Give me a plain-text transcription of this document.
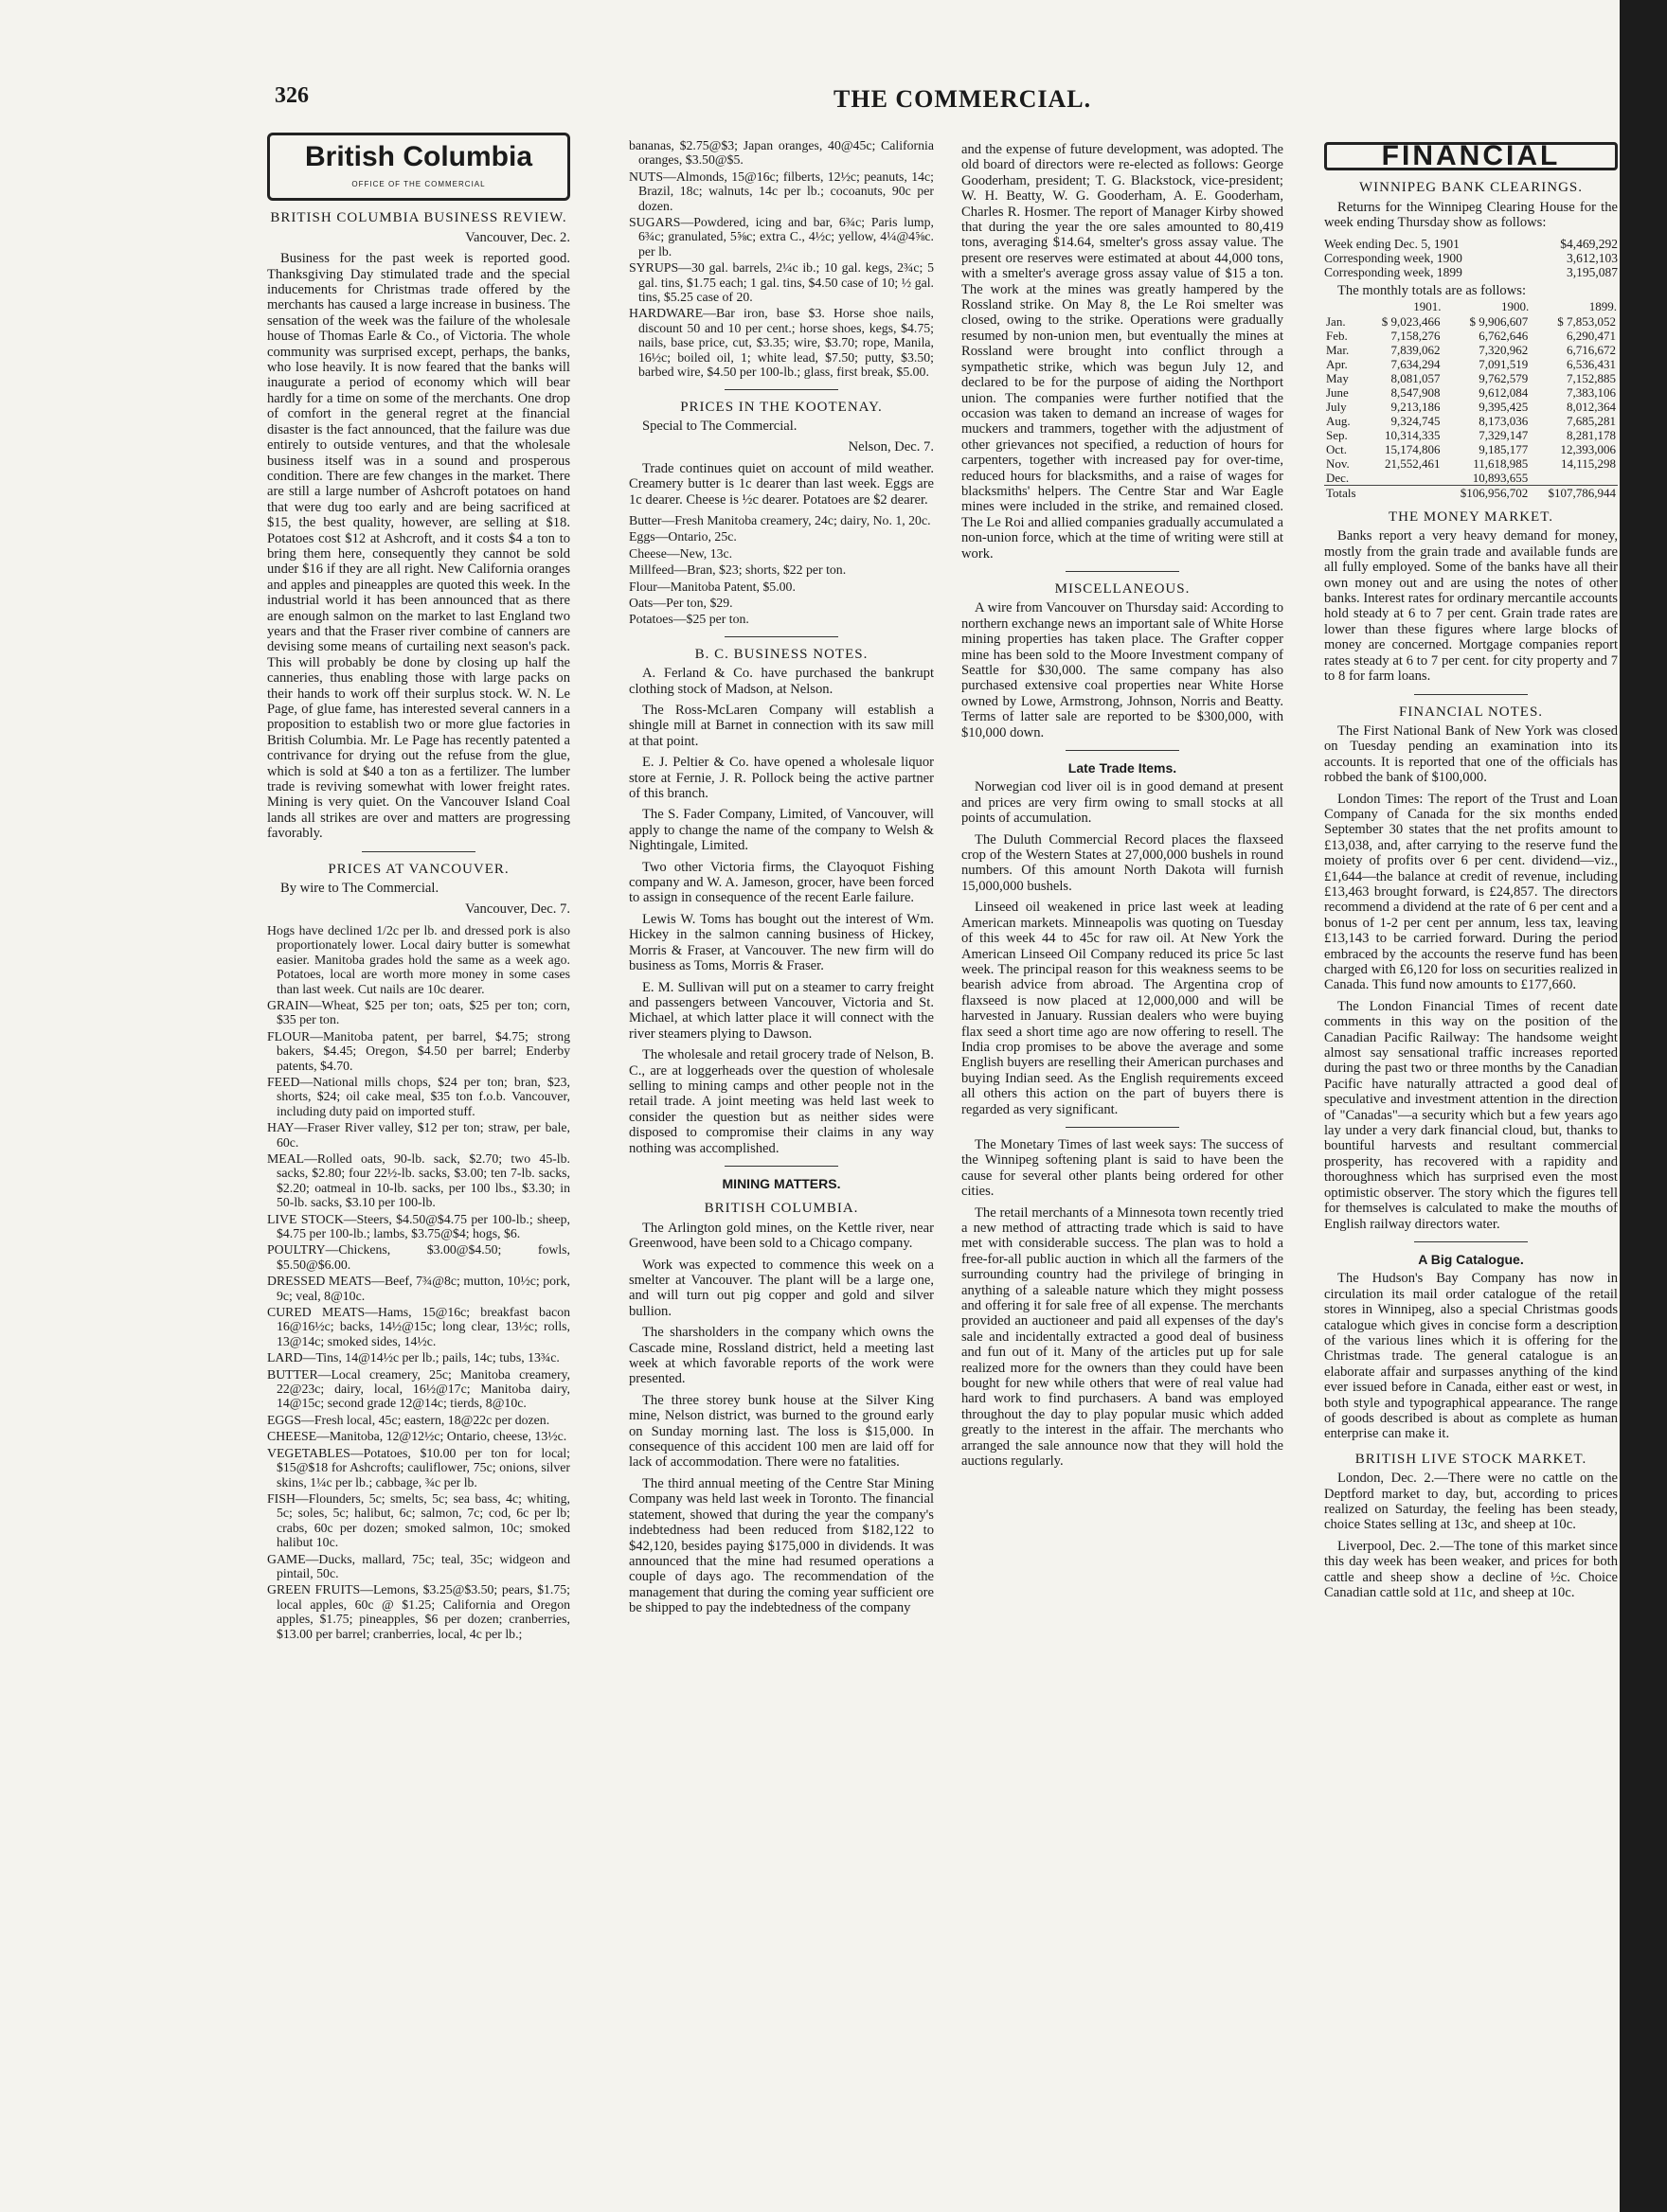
326	THE COMMERCIAL.
British Columbia
OFFICE OF THE COMMERCIAL
BRITISH COLUMBIA BUSINESS REVIEW.

Vancouver, Dec. 2.

Business for the past week is reported good. Thanksgiving Day stimulated trade and the special inducements for Christmas trade offered by the merchants has caused a large increase in business. The sensation of the week was the failure of the wholesale house of Thomas Earle & Co., of Victoria. The whole community was surprised except, perhaps, the banks, who lose heavily. It is now feared that the banks will inaugurate a period of economy which will bear hardly for a time on some of the merchants. One drop of comfort in the general regret at the financial disaster is the fact announced, that the failure was due entirely to outside ventures, and that the wholesale business itself was in a sound and prosperous condition. There are few changes in the market. There are still a large number of Ashcroft potatoes on hand that were dug too early and are being sacrificed at $15, the best quality, however, are selling at $18. Potatoes cost $12 at Ashcroft, and it costs $4 a ton to bring them here, consequently they cannot be sold under $16 if they are all right. New California oranges and apples and pineapples are quoted this week. In the industrial world it has been announced that as there are enough salmon on the market to last England two years and that the Fraser river combine of canners are devising some means of curtailing next season's pack. This will probably be done by closing up half the canneries, thus enabling those with large packs on their hands to work off their surplus stock. W. N. Le Page, of glue fame, has interested several canners in a proposition to establish two or more glue factories in British Columbia. Mr. Le Page has recently patented a contrivance for drying out the refuse from the glue, which is sold at $40 a ton as a fertilizer. The lumber trade is reviving somewhat with lower freight rates. Mining is very quiet. On the Vancouver Island Coal lands all strikes are over and matters are progressing favorably.

PRICES AT VANCOUVER.

By wire to The Commercial.

Vancouver, Dec. 7.

Hogs have declined 1/2c per lb. and dressed pork is also proportionately lower. Local dairy butter is somewhat easier. Manitoba grades hold the same as a week ago. Potatoes, local are worth more money in some cases than last week. Cut nails are 10c dearer.

GRAIN—Wheat, $25 per ton; oats, $25 per ton; corn, $35 per ton.

FLOUR—Manitoba patent, per barrel, $4.75; strong bakers, $4.45; Oregon, $4.50 per barrel; Enderby patents, $4.70.

FEED—National mills chops, $24 per ton; bran, $23, shorts, $24; oil cake meal, $35 ton f.o.b. Vancouver, including duty paid on imported stuff.

HAY—Fraser River valley, $12 per ton; straw, per bale, 60c.

MEAL—Rolled oats, 90-lb. sack, $2.70; two 45-lb. sacks, $2.80; four 22½-lb. sacks, $3.00; ten 7-lb. sacks, $2.20; oatmeal in 10-lb. sacks, per 100 lbs., $3.30; in 50-lb. sacks, $3.10 per 100-lb.

LIVE STOCK—Steers, $4.50@$4.75 per 100-lb.; sheep, $4.75 per 100-lb.; lambs, $3.75@$4; hogs, $6.

POULTRY—Chickens, $3.00@$4.50; fowls, $5.50@$6.00.

DRESSED MEATS—Beef, 7¾@8c; mutton, 10½c; pork, 9c; veal, 8@10c.

CURED MEATS—Hams, 15@16c; breakfast bacon 16@16½c; backs, 14½@15c; long clear, 13½c; rolls, 13@14c; smoked sides, 14½c.

LARD—Tins, 14@14½c per lb.; pails, 14c; tubs, 13¾c.

BUTTER—Local creamery, 25c; Manitoba creamery, 22@23c; dairy, local, 16½@17c; Manitoba dairy, 14@15c; second grade 12@14c; tierds, 8@10c.

EGGS—Fresh local, 45c; eastern, 18@22c per dozen.

CHEESE—Manitoba, 12@12½c; Ontario, cheese, 13½c.

VEGETABLES—Potatoes, $10.00 per ton for local; $15@$18 for Ashcrofts; cauliflower, 75c; onions, silver skins, 1¼c per lb.; cabbage, ¾c per lb.

FISH—Flounders, 5c; smelts, 5c; sea bass, 4c; whiting, 5c; soles, 5c; halibut, 6c; salmon, 7c; cod, 6c per lb; crabs, 60c per dozen; smoked salmon, 10c; smoked halibut 10c.

GAME—Ducks, mallard, 75c; teal, 35c; widgeon and pintail, 50c.

GREEN FRUITS—Lemons, $3.25@$3.50; pears, $1.75; local apples, 60c @ $1.25; California and Oregon apples, $1.75; pineapples, $6 per dozen; cranberries, $13.00 per barrel; cranberries, local, 4c per lb.;

bananas, $2.75@$3; Japan oranges, 40@45c; California oranges, $3.50@$5.

NUTS—Almonds, 15@16c; filberts, 12½c; peanuts, 14c; Brazil, 18c; walnuts, 14c per lb.; cocoanuts, 90c per dozen.

SUGARS—Powdered, icing and bar, 6¾c; Paris lump, 6¾c; granulated, 5⅝c; extra C., 4½c; yellow, 4¼@4⅝c. per lb.

SYRUPS—30 gal. barrels, 2¼c ib.; 10 gal. kegs, 2¾c; 5 gal. tins, $1.75 each; 1 gal. tins, $4.50 case of 10; ½ gal. tins, $5.25 case of 20.

HARDWARE—Bar iron, base $3. Horse shoe nails, discount 50 and 10 per cent.; horse shoes, kegs, $4.75; nails, base price, cut, $3.35; wire, $3.70; rope, Manila, 16½c; boiled oil, 1; white lead, $7.50; putty, $3.50; barbed wire, $4.50 per 100-lb.; glass, first break, $5.00.

PRICES IN THE KOOTENAY.

Special to The Commercial.

Nelson, Dec. 7.

Trade continues quiet on account of mild weather. Creamery butter is 1c dearer than last week. Eggs are 1c dearer. Cheese is ½c dearer. Potatoes are $2 dearer.

Butter—Fresh Manitoba creamery, 24c; dairy, No. 1, 20c.

Eggs—Ontario, 25c.

Cheese—New, 13c.

Millfeed—Bran, $23; shorts, $22 per ton.

Flour—Manitoba Patent, $5.00.

Oats—Per ton, $29.

Potatoes—$25 per ton.

B. C. BUSINESS NOTES.

A. Ferland & Co. have purchased the bankrupt clothing stock of Madson, at Nelson.

The Ross-McLaren Company will establish a shingle mill at Barnet in connection with its saw mill at that point.

E. J. Peltier & Co. have opened a wholesale liquor store at Fernie, J. R. Pollock being the active partner of this branch.

The S. Fader Company, Limited, of Vancouver, will apply to change the name of the company to Welsh & Nightingale, Limited.

Two other Victoria firms, the Clayoquot Fishing company and W. A. Jameson, grocer, have been forced to assign in consequence of the recent Earle failure.

Lewis W. Toms has bought out the interest of Wm. Hickey in the salmon canning business of Hickey, Morris & Fraser, at Vancouver. The new firm will do business as Toms, Morris & Fraser.

E. M. Sullivan will put on a steamer to carry freight and passengers between Vancouver, Victoria and St. Michael, at which latter place it will connect with the river steamers plying to Dawson.

The wholesale and retail grocery trade of Nelson, B. C., are at loggerheads over the question of wholesale selling to mining camps and other people not in the retail trade. A joint meeting was held last week to consider the question but as neither sides were disposed to compromise their claims in any way nothing was accomplished.

MINING MATTERS.
BRITISH COLUMBIA.

The Arlington gold mines, on the Kettle river, near Greenwood, have been sold to a Chicago company.

Work was expected to commence this week on a smelter at Vancouver. The plant will be a large one, and will turn out pig copper and gold and silver bullion.

The sharsholders in the company which owns the Cascade mine, Rossland district, held a meeting last week at which favorable reports of the work were presented.

The three storey bunk house at the Silver King mine, Nelson district, was burned to the ground early on Sunday morning last. The loss is $15,000. In consequence of this accident 100 men are laid off for lack of accommodation. There were no fatalities.

The third annual meeting of the Centre Star Mining Company was held last week in Toronto. The financial statement, showed that during the year the company's indebtedness had been reduced from $182,122 to $42,120, besides paying $175,000 in dividends. It was announced that the mine had resumed operations a couple of days ago. The recommendation of the management that during the coming year sufficient ore be shipped to pay the indebtedness of the company

and the expense of future development, was adopted. The old board of directors were re-elected as follows: George Gooderham, president; T. G. Blackstock, vice-president; W. H. Beatty, W. G. Gooderham, A. E. Gooderham, Charles R. Hosmer. The report of Manager Kirby showed that during the year the ore sales amounted to 80,419 tons, averaging $14.64, smelter's gross assay value. The present ore reserves were estimated at about 44,000 tons, with a smelter's average gross assay value of $15 a ton. The work at the mines was greatly hampered by the Rossland strike. On May 8, the Le Roi smelter was closed, owing to the strike. Operations were gradually resumed by non-union men, but eventually the mines at Rossland were brought into conflict through a sympathetic strike, which was begun July 12, and declared to be for the purpose of aiding the Northport union. The companies were further notified that the occasion was taken to demand an increase of wages for muckers and trammers, together with the adjustment of other grievances not specified, a reduction of hours for carpenters, together with increased pay for over-time, reduced hours for blacksmiths, and a raise of wages for blacksmiths' helpers. The Centre Star and War Eagle mines were included in the strike, and remained closed. The Le Roi and allied companies gradually accumulated a non-union force, which at the time of writing were still at work.

MISCELLANEOUS.

A wire from Vancouver on Thursday said: According to northern exchange news an important sale of White Horse mining properties has taken place. The Grafter copper mine has been sold to the Moore Investment company of Seattle for $30,000. The same company has also purchased extensive coal properties near White Horse owned by Lowe, Armstrong, Johnson, Norris and Beatty. Terms of latter sale are reported to be $300,000, with $10,000 down.

Late Trade Items.

Norwegian cod liver oil is in good demand at present and prices are very firm owing to small stocks at all points of accumulation.

The Duluth Commercial Record places the flaxseed crop of the Western States at 27,000,000 bushels in round numbers. Of this amount North Dakota will furnish 15,000,000 bushels.

Linseed oil weakened in price last week at leading American markets. Minneapolis was quoting on Tuesday of this week 44 to 45c for raw oil. At New York the American Linseed Oil Company reduced its price 5c last week. The principal reason for this weakness seems to be bearish advice from abroad. The Argentina crop of flaxseed is now placed at 12,000,000 and will be harvested in January. Russian dealers who were buying flax seed a short time ago are now offering to resell. The India crop promises to be above the average and some English buyers are reselling their American purchases and buying Indian seed. As the English requirements exceed all others this action on the part of buyers there is regarded as very significant.

The Monetary Times of last week says: The success of the Winnipeg softening plant is said to have been the cause for several other plants being ordered for other cities.

The retail merchants of a Minnesota town recently tried a new method of attracting trade which is said to have met with considerable success. The plan was to hold a free-for-all public auction in which all the farmers of the surrounding country had the privilege of bringing in anything of a saleable nature which they might possess and offering it for sale free of all expense. The merchants provided an auctioneer and paid all expenses of the day's sale and incidentally extracted a good deal of business and fun out of it. Many of the articles put up for sale realized more for the owners than they could have been bought for new while others that were of real value had hard work to find purchasers. A band was employed throughout the day to play popular music which added greatly to the interest in the affair. The merchants who arranged the sale announce now that they will hold the auctions regularly.

FINANCIAL
WINNIPEG BANK CLEARINGS.

Returns for the Winnipeg Clearing House for the week ending Thursday show as follows:

Week ending Dec. 5, 1901	$4,469,292
Corresponding week, 1900	3,612,103
Corresponding week, 1899	3,195,087

The monthly totals are as follows:

	1901.	1900.	1899.
Jan.	$ 9,023,466	$ 9,906,607	$ 7,853,052
Feb.	7,158,276	6,762,646	6,290,471
Mar.	7,839,062	7,320,962	6,716,672
Apr.	7,634,294	7,091,519	6,536,431
May	8,081,057	9,762,579	7,152,885
June	8,547,908	9,612,084	7,383,106
July	9,213,186	9,395,425	8,012,364
Aug.	9,324,745	8,173,036	7,685,281
Sep.	10,314,335	7,329,147	8,281,178
Oct.	15,174,806	9,185,177	12,393,006
Nov.	21,552,461	11,618,985	14,115,298
Dec.		10,893,655	
Totals		$106,956,702	$107,786,944
THE MONEY MARKET.

Banks report a very heavy demand for money, mostly from the grain trade and available funds are all fully employed. Some of the banks have all their own money out and are using the notes of other banks. Interest rates for ordinary mercantile accounts hold steady at 6 to 7 per cent. Grain trade rates are lower than these figures where large blocks of money are concerned. Mortgage companies report rates steady at 6 to 7 per cent. for city property and 7 to 8 for farm loans.

FINANCIAL NOTES.

The First National Bank of New York was closed on Tuesday pending an examination into its accounts. It is reported that one of the officials has robbed the bank of $100,000.

London Times: The report of the Trust and Loan Company of Canada for the six months ended September 30 states that the net profits amount to £13,038, and, after carrying to the reserve fund the moiety of profits over 6 per cent. dividend—viz., £1,644—the balance at credit of revenue, including £13,463 brought forward, is £24,857. The directors recommend a dividend at the rate of 6 per cent and a bonus of 1-2 per cent per annum, less tax, leaving £13,143 to be carried forward. During the period embraced by the accounts the reserve fund has been charged with £6,120 for loss on securities realized in Canada. This fund now amounts to £177,660.

The London Financial Times of recent date comments in this way on the position of the Canadian Pacific Railway: The handsome weight almost say sensational traffic increases reported during the past two or three months by the Canadian Pacific have naturally attracted a good deal of speculative and investment attention in the direction of "Canadas"—a security which but a few years ago lay under a very dark financial cloud, but, thanks to bountiful harvests and resultant commercial prosperity, has recovered with a rapidity and thoroughness which has surprised even the most optimistic observer. The story which the figures tell for themselves is calculated to make the mouths of English railway directors water.

A Big Catalogue.

The Hudson's Bay Company has now in circulation its mail order catalogue of the retail stores in Winnipeg, also a special Christmas goods catalogue which gives in concise form a description of the various lines which it is offering for the Christmas trade. The general catalogue is an elaborate affair and surpasses anything of the kind ever issued before in Canada, either east or west, in both style and typographical appearance. The range of goods described is about as complete as human enterprise can make it.

BRITISH LIVE STOCK MARKET.

London, Dec. 2.—There were no cattle on the Deptford market to day, but, according to prices realized on Saturday, the feeling has been steady, choice States selling at 13c, and sheep at 10c.

Liverpool, Dec. 2.—The tone of this market since this day week has been weaker, and prices for both cattle and sheep show a decline of ½c. Choice Canadian cattle sold at 11c, and sheep at 10c.
